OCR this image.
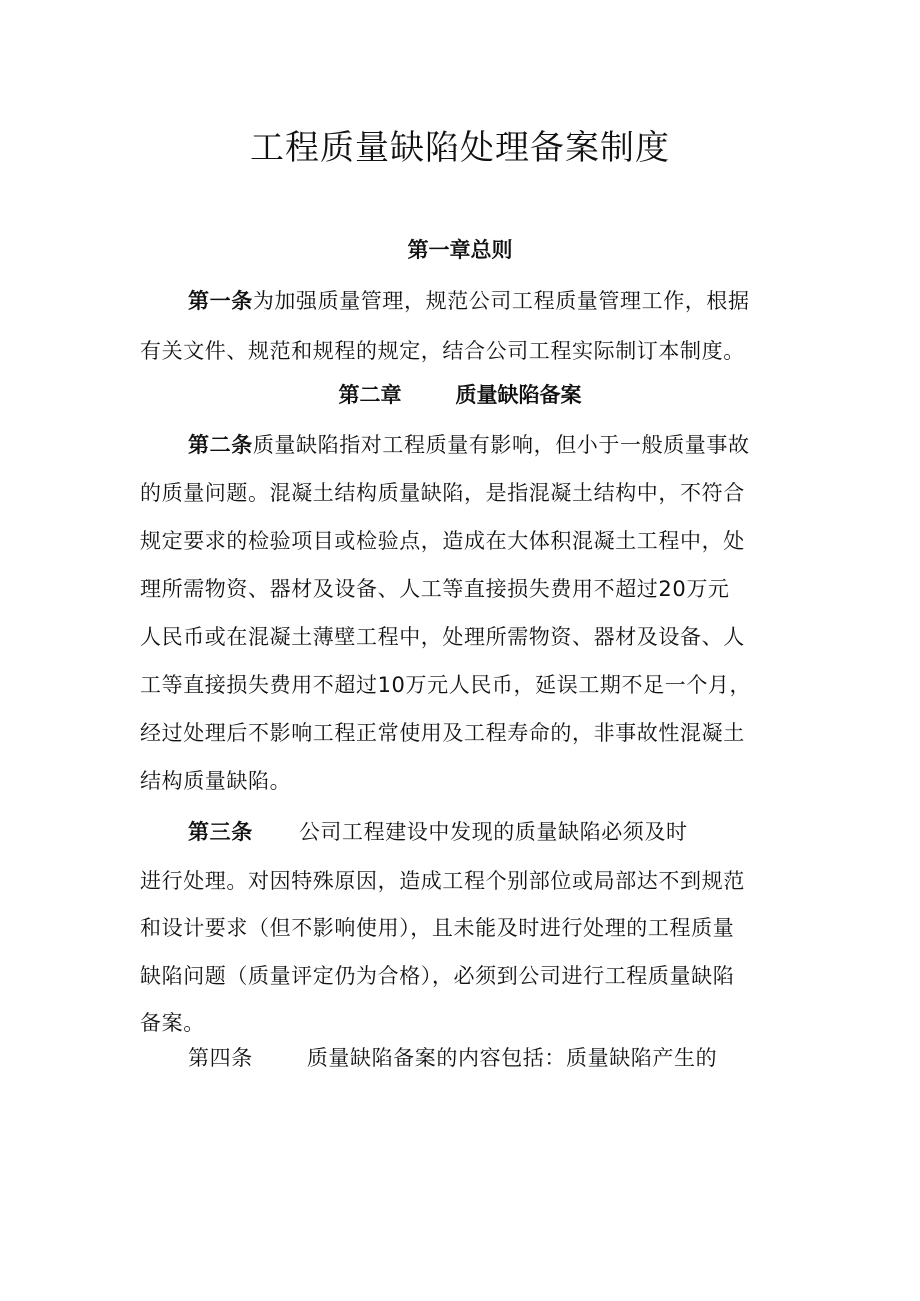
工程质量缺陷处理备案制度
第一章总则
第一条为加强质量管理，规范公司工程质量管理工作，根据
有关文件、规范和规程的规定，结合公司工程实际制订本制度。
第二章	质量缺陷备案
第二条质量缺陷指对工程质量有影响，但小于一般质量事故
的质量问题。混凝土结构质量缺陷，是指混凝土结构中，不符合
规定要求的检验项目或检验点，造成在大体积混凝土工程中，处
理所需物资、器材及设备、人工等直接损失费用不超过20万元
人民币或在混凝土薄壁工程中，处理所需物资、器材及设备、人
工等直接损失费用不超过10万元人民币，延误工期不足一个月，
经过处理后不影响工程正常使用及工程寿命的，非事故性混凝土
结构质量缺陷。
第三条 公司工程建设中发现的质量缺陷必须及时
进行处理。对因特殊原因，造成工程个别部位或局部达不到规范
和设计要求（但不影响使用），且未能及时进行处理的工程质量
缺陷问题（质量评定仍为合格），必须到公司进行工程质量缺陷
备案。
第四条	质量缺陷备案的内容包括：质量缺陷产生的
